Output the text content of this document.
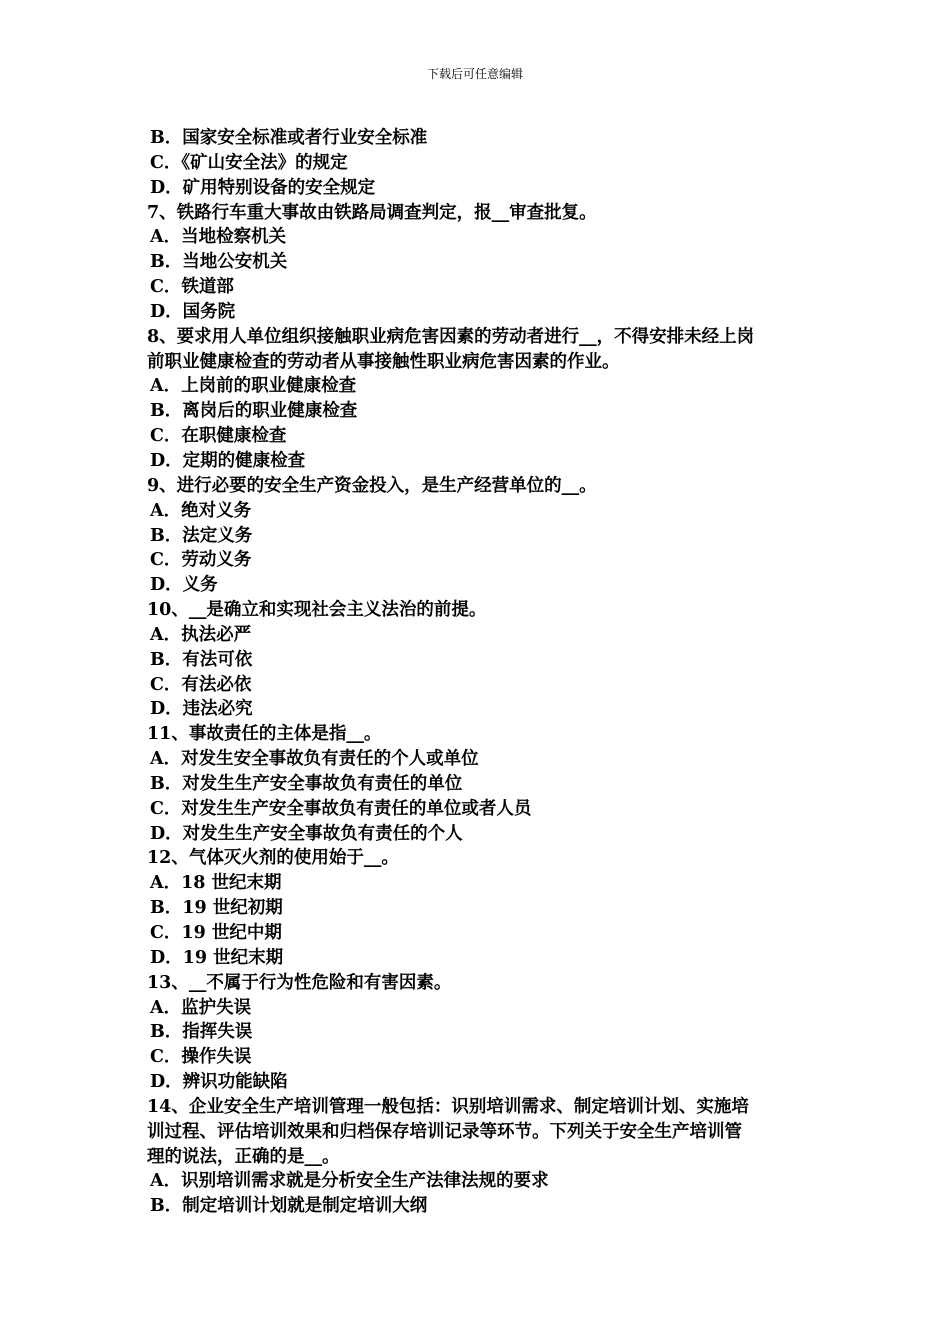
下载后可任意编辑
B．国家安全标准或者行业安全标准
C．《矿山安全法》的规定
D．矿用特别设备的安全规定
7、铁路行车重大事故由铁路局调查判定，报__审查批复。
A．当地检察机关
B．当地公安机关
C．铁道部
D．国务院
8、要求用人单位组织接触职业病危害因素的劳动者进行__，不得安排未经上岗
前职业健康检查的劳动者从事接触性职业病危害因素的作业。
A．上岗前的职业健康检查
B．离岗后的职业健康检查
C．在职健康检查
D．定期的健康检查
9、进行必要的安全生产资金投入，是生产经营单位的__。
A．绝对义务
B．法定义务
C．劳动义务
D．义务
10、__是确立和实现社会主义法治的前提。
A．执法必严
B．有法可依
C．有法必依
D．违法必究
11、事故责任的主体是指__。
A．对发生安全事故负有责任的个人或单位
B．对发生生产安全事故负有责任的单位
C．对发生生产安全事故负有责任的单位或者人员
D．对发生生产安全事故负有责任的个人
12、气体灭火剂的使用始于__。
A．18 世纪末期
B．19 世纪初期
C．19 世纪中期
D．19 世纪末期
13、__不属于行为性危险和有害因素。
A．监护失误
B．指挥失误
C．操作失误
D．辨识功能缺陷
14、企业安全生产培训管理一般包括：识别培训需求、制定培训计划、实施培
训过程、评估培训效果和归档保存培训记录等环节。下列关于安全生产培训管
理的说法，正确的是__。
A．识别培训需求就是分析安全生产法律法规的要求
B．制定培训计划就是制定培训大纲
